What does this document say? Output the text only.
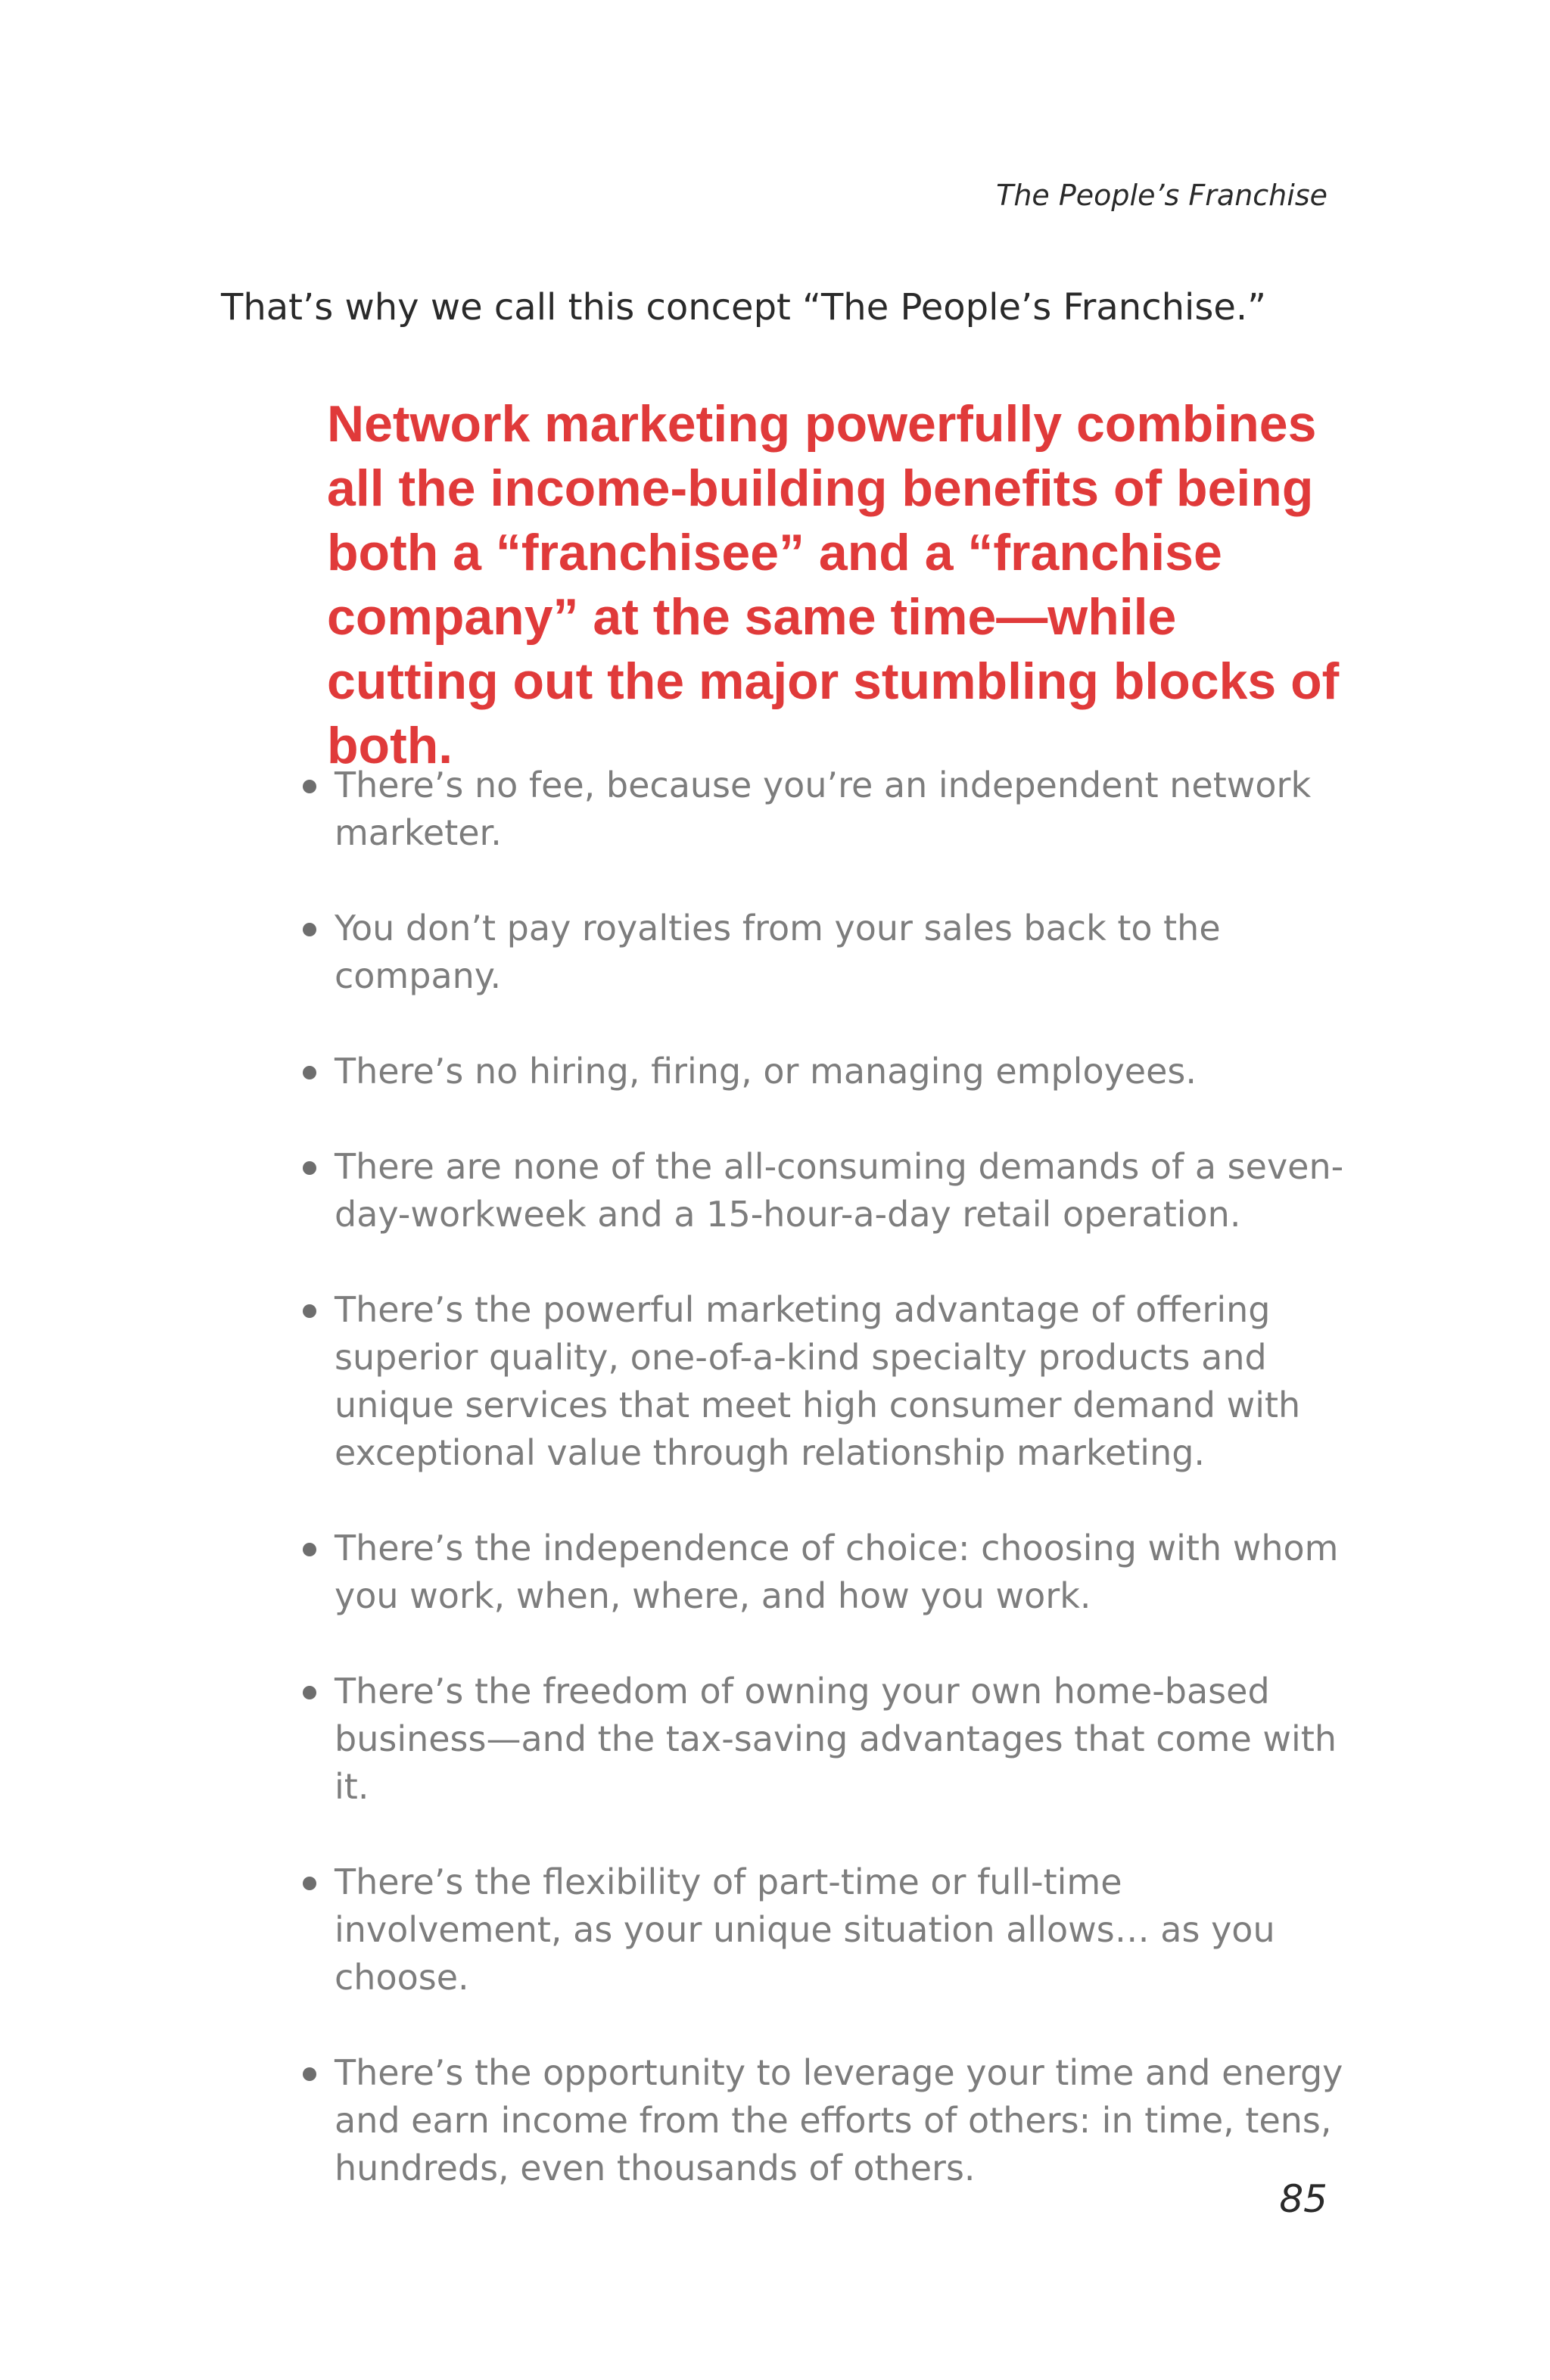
The People’s Franchise

That’s why we call this concept “The People’s Franchise.”

Network marketing powerfully combines all the income-building benefits of being both a “franchisee” and a “franchise company” at the same time—while cutting out the major stumbling blocks of both.

There’s no fee, because you’re an independent network marketer.
You don’t pay royalties from your sales back to the company.
There’s no hiring, firing, or managing employees.
There are none of the all-consuming demands of a seven-day-workweek and a 15-hour-a-day retail operation.
There’s the powerful marketing advantage of offering superior quality, one-of-a-kind specialty products and unique services that meet high consumer demand with exceptional value through relationship marketing.
There’s the independence of choice: choosing with whom you work, when, where, and how you work.
There’s the freedom of owning your own home-based business—and the tax-saving advantages that come with it.
There’s the flexibility of part-time or full-time involvement, as your unique situation allows… as you choose.
There’s the opportunity to leverage your time and energy and earn income from the efforts of others: in time, tens, hundreds, even thousands of others.
85
